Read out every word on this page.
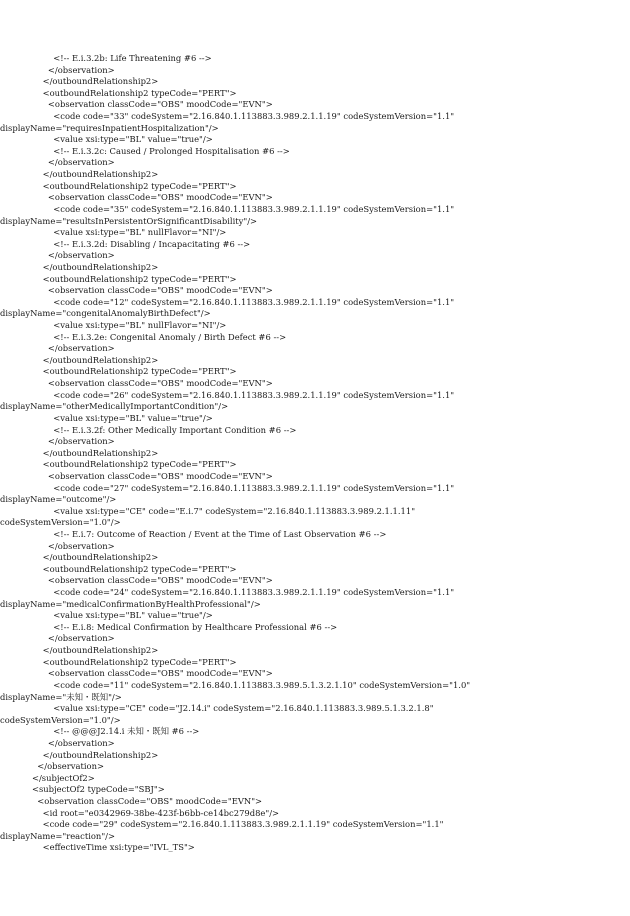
<!-- E.i.3.2b: Life Threatening #6 -->
</observation>
</outboundRelationship2>
<outboundRelationship2 typeCode="PERT">
<observation classCode="OBS" moodCode="EVN">
<code code="33" codeSystem="2.16.840.1.113883.3.989.2.1.1.19" codeSystemVersion="1.1"
displayName="requiresInpatientHospitalization"/>
<value xsi:type="BL" value="true"/>
<!-- E.i.3.2c: Caused / Prolonged Hospitalisation #6 -->
</observation>
</outboundRelationship2>
<outboundRelationship2 typeCode="PERT">
<observation classCode="OBS" moodCode="EVN">
<code code="35" codeSystem="2.16.840.1.113883.3.989.2.1.1.19" codeSystemVersion="1.1"
displayName="resultsInPersistentOrSignificantDisability"/>
<value xsi:type="BL" nullFlavor="NI"/>
<!-- E.i.3.2d: Disabling / Incapacitating #6 -->
</observation>
</outboundRelationship2>
<outboundRelationship2 typeCode="PERT">
<observation classCode="OBS" moodCode="EVN">
<code code="12" codeSystem="2.16.840.1.113883.3.989.2.1.1.19" codeSystemVersion="1.1"
displayName="congenitalAnomalyBirthDefect"/>
<value xsi:type="BL" nullFlavor="NI"/>
<!-- E.i.3.2e: Congenital Anomaly / Birth Defect #6 -->
</observation>
</outboundRelationship2>
<outboundRelationship2 typeCode="PERT">
<observation classCode="OBS" moodCode="EVN">
<code code="26" codeSystem="2.16.840.1.113883.3.989.2.1.1.19" codeSystemVersion="1.1"
displayName="otherMedicallyImportantCondition"/>
<value xsi:type="BL" value="true"/>
<!-- E.i.3.2f: Other Medically Important Condition #6 -->
</observation>
</outboundRelationship2>
<outboundRelationship2 typeCode="PERT">
<observation classCode="OBS" moodCode="EVN">
<code code="27" codeSystem="2.16.840.1.113883.3.989.2.1.1.19" codeSystemVersion="1.1"
displayName="outcome"/>
<value xsi:type="CE" code="E.i.7" codeSystem="2.16.840.1.113883.3.989.2.1.1.11"
codeSystemVersion="1.0"/>
<!-- E.i.7: Outcome of Reaction / Event at the Time of Last Observation #6 -->
</observation>
</outboundRelationship2>
<outboundRelationship2 typeCode="PERT">
<observation classCode="OBS" moodCode="EVN">
<code code="24" codeSystem="2.16.840.1.113883.3.989.2.1.1.19" codeSystemVersion="1.1"
displayName="medicalConfirmationByHealthProfessional"/>
<value xsi:type="BL" value="true"/>
<!-- E.i.8: Medical Confirmation by Healthcare Professional #6 -->
</observation>
</outboundRelationship2>
<outboundRelationship2 typeCode="PERT">
<observation classCode="OBS" moodCode="EVN">
<code code="11" codeSystem="2.16.840.1.113883.3.989.5.1.3.2.1.10" codeSystemVersion="1.0"
displayName="未知・既知"/>
<value xsi:type="CE" code="J2.14.i" codeSystem="2.16.840.1.113883.3.989.5.1.3.2.1.8"
codeSystemVersion="1.0"/>
<!-- @@@J2.14.i 未知・既知 #6 -->
</observation>
</outboundRelationship2>
</observation>
</subjectOf2>
<subjectOf2 typeCode="SBJ">
<observation classCode="OBS" moodCode="EVN">
<id root="e0342969-38be-423f-b6bb-ce14bc279d8e"/>
<code code="29" codeSystem="2.16.840.1.113883.3.989.2.1.1.19" codeSystemVersion="1.1"
displayName="reaction"/>
<effectiveTime xsi:type="IVL_TS">
